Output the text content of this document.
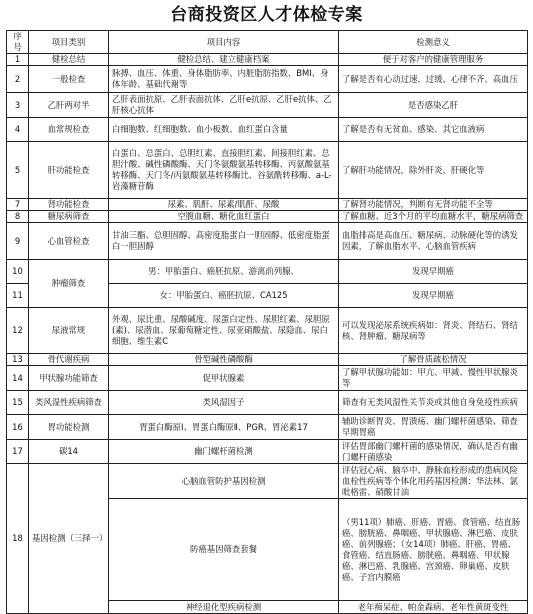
台商投资区人才体检专案
序号	项目类别	项目内容	检测意义
1	健检总结	健检总结、建立健康档案	便于对客户的健康管理服务
2	一般检查	脉搏、血压、体重、身体脂肪率、内脏脂肪指数、BMI、身体年龄、基础代谢等	了解是否有心动过速、过缓、心律不齐、高血压
3	乙肝两对半	乙肝表面抗原、乙肝表面抗体、乙肝e抗原、乙肝e抗体、乙肝核心抗体	是否感染乙肝
4	血常规检查	白细胞数、红细胞数、血小板数、血红蛋白含量	了解是否有无贫血、感染、其它血液病
5	肝功能检查	白蛋白、总蛋白、总胆红素、直接胆红素、间接胆红素、总胆汁酸、碱性磷酸酶、天门冬氨酸氨基转移酶、丙氨酸氨基转移酶、天门冬/丙氨酸氨基转移酶比、谷氨酰转移酶、a-L-岩藻糖苷酶	了解肝功能情况，除外肝炎、肝硬化等
7	肾功能检查	尿素、肌酐、尿素/肌酐、尿酸	了解肾功能情况，判断有无肾功能不全等
8	糖尿病筛查	空腹血糖、糖化血红蛋白	了解血糖、近3个月的平均血糖水平，糖尿病筛查
9	心血管检查	甘油三酯、总胆固醇、高密度脂蛋白一胆固醇、低密度脂蛋白一胆固醇	血脂排高是高血压、糖尿病、动脉硬化等的诱发因素，了解血脂水平、心脑血管疾病
10	肿瘤筛查	男：甲胎蛋白、癌胚抗原、游离前列腺、	发现早期癌
11		女：甲胎蛋白、癌胚抗原、CA125	发现早期癌
12	尿液常规	外观、尿比重、尿酸碱度、尿蛋白定性、尿胆红素、尿胆原(素)、尿潜血、尿葡萄糖定性、尿亚硝酸盐、尿隐血、尿白细胞、维生素C	可以发现泌尿系统疾病如：肾炎、肾结石、肾结核、肾肿瘤、糖尿病等
13	骨代谢疾病	骨型碱性磷酸酶	了解骨质疏松情况
14	甲状腺功能筛查	促甲状腺素	了解甲状腺功能如：甲亢、甲减、慢性甲状腺炎等
15	类风湿性疾病筛查	类风湿因子	筛查有无类风湿性关节炎或其他自身免疫性疾病
16	胃功能检测	胃蛋白酶原Ⅰ、胃蛋白酶原Ⅱ、PGR、胃泌素17	辅助诊断胃炎、胃溃疡、幽门螺杆菌感染、筛查早期胃癌
17	碳14	幽门螺杆菌检测	评估胃部幽门螺杆菌的感染情况，确认是否有幽门螺杆菌感染
18	基因检测（三择一）	心脑血管防护基因检测	评估冠心病、脑卒中、静脉血栓形成的患病风险血栓性疾病等个体化用药基因检测：华法林、氯吡格雷、硝酸甘油
		防癌基因筛查套餐	（男11项）肺癌、肝癌、胃癌、食管癌、结直肠癌、膀胱癌、鼻咽癌、甲状腺癌、淋巴癌、皮肤癌、前列腺癌；（女14项）肺癌、肝癌、胃癌、食管癌、结直肠癌、膀胱癌、鼻咽癌、甲状腺癌、淋巴癌、乳腺癌、宫颈癌、卵巢癌、皮肤癌、子宫内膜癌
		神经退化型疾病检测	老年痴呆症、帕金森病、老年性黄斑变性
